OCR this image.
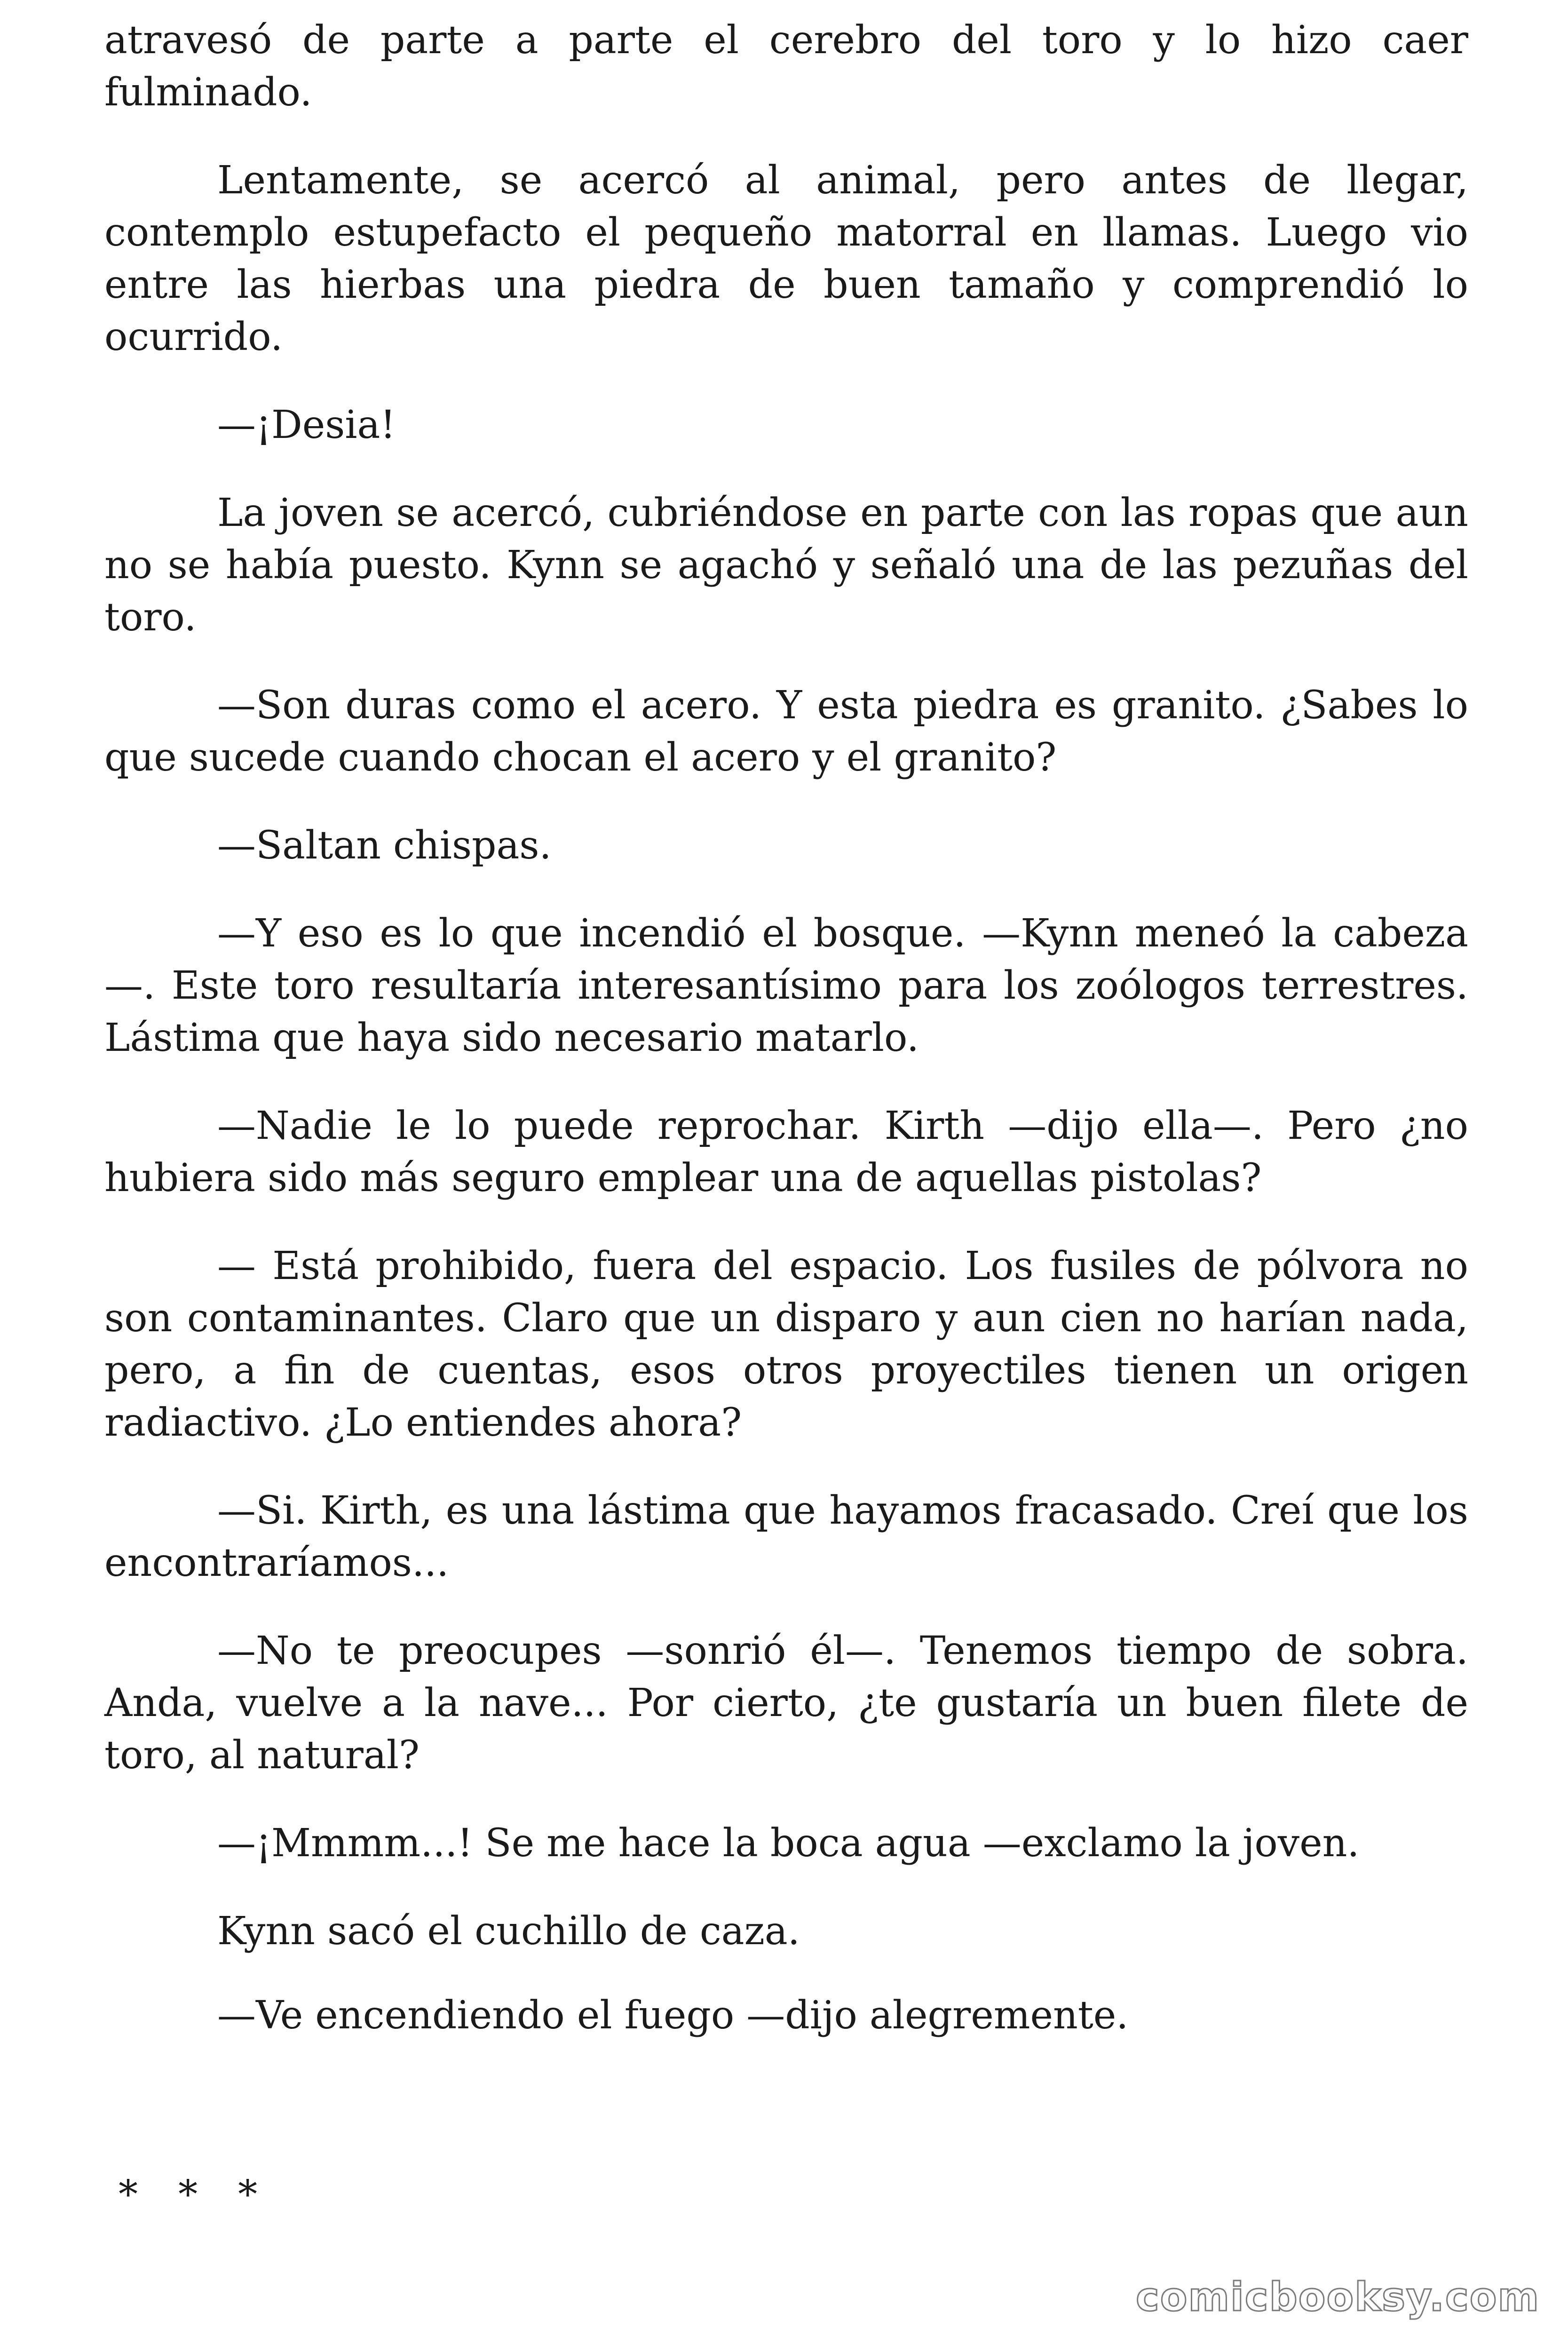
atravesó de parte a parte el cerebro del toro y lo hizo caer fulminado.

Lentamente, se acercó al animal, pero antes de llegar, contemplo estupefacto el pequeño matorral en llamas. Luego vio entre las hierbas una piedra de buen tamaño y comprendió lo ocurrido.

—¡Desia!

La joven se acercó, cubriéndose en parte con las ropas que aun no se había puesto. Kynn se agachó y señaló una de las pezuñas del toro.

—Son duras como el acero. Y esta piedra es granito. ¿Sabes lo que sucede cuando chocan el acero y el granito?

—Saltan chispas.

—Y eso es lo que incendió el bosque. —Kynn meneó la cabeza —. Este toro resultaría interesantísimo para los zoólogos terrestres. Lástima que haya sido necesario matarlo.

—Nadie le lo puede reprochar. Kirth —dijo ella—. Pero ¿no hubiera sido más seguro emplear una de aquellas pistolas?

— Está prohibido, fuera del espacio. Los fusiles de pólvora no son contaminantes. Claro que un disparo y aun cien no harían nada, pero, a fin de cuentas, esos otros proyectiles tienen un origen radiactivo. ¿Lo entiendes ahora?

—Si. Kirth, es una lástima que hayamos fracasado. Creí que los encontraríamos...

—No te preocupes —sonrió él—. Tenemos tiempo de sobra. Anda, vuelve a la nave... Por cierto, ¿te gustaría un buen filete de toro, al natural?

—¡Mmmm...! Se me hace la boca agua —exclamo la joven.

Kynn sacó el cuchillo de caza.

—Ve encendiendo el fuego —dijo alegremente.

* * *

comicbooksy.com
